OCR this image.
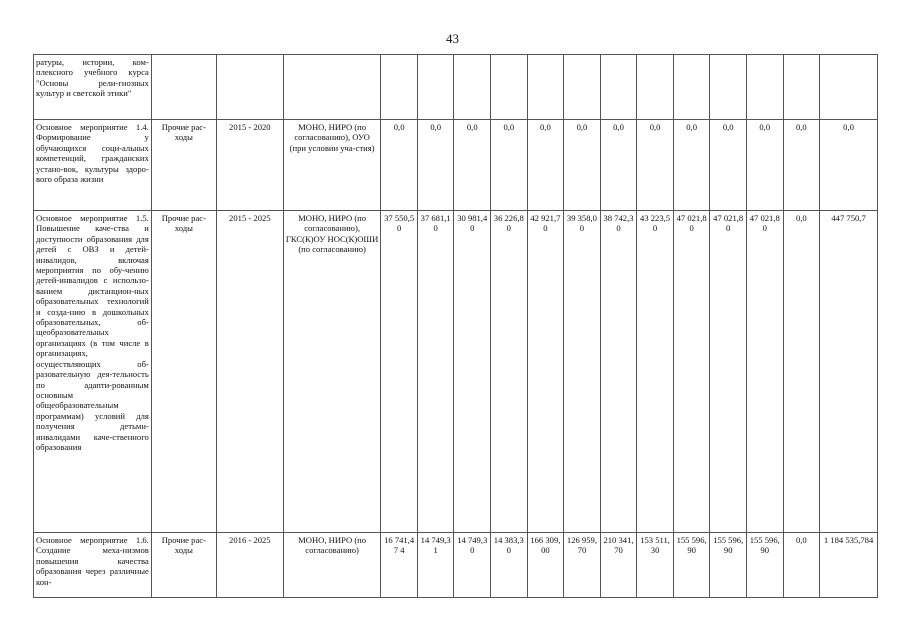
43
ратуры, истории, ком-плексного учебного курса "Основы рели-гиозных культур и светской этики"																
Основное мероприятие 1.4. Формирование у обучающихся соци-альных компетенций, гражданских устано-вок, культуры здоро-вого образа жизни	Прочие рас-ходы	2015 - 2020	МОНО, НИРО (по согласованию), ОУО (при условии уча-стия)	0,0	0,0	0,0	0,0	0,0	0,0	0,0	0,0	0,0	0,0	0,0	0,0	0,0
Основное мероприятие 1.5. Повышение каче-ства и доступности образования для детей с ОВЗ и детей-инвалидов, включая мероприятия по обу-чению детей-инвалидов с использо-ванием дистанцион-ных образовательных технологий и созда-нию в дошкольных образовательных, об-щеобразовательных организациях (в том числе в организациях, осуществляющих об-разовательную дея-тельность по адапти-рованным основным общеобразовательным программам) условий для получения детьми-инвалидами каче-ственного образования	Прочие рас-ходы	2015 - 2025	МОНО, НИРО (по согласованию), ГКС(К)ОУ НОС(К)ОШИ (по согласованию)	37 550,50	37 681,10	30 981,40	36 226,80	42 921,70	39 358,00	38 742,30	43 223,50	47 021,80	47 021,80	47 021,80	0,0	447 750,7
Основное мероприятие 1.6. Создание меха-низмов повышения качества образования через различные кон-	Прочие рас-ходы	2016 - 2025	МОНО, НИРО (по согласованию)	16 741,47 4	14 749,31	14 749,30	14 383,30	166 309,00	126 959,70	210 341,70	153 511,30	155 596,90	155 596,90	155 596,90	0,0	1 184 535,784
